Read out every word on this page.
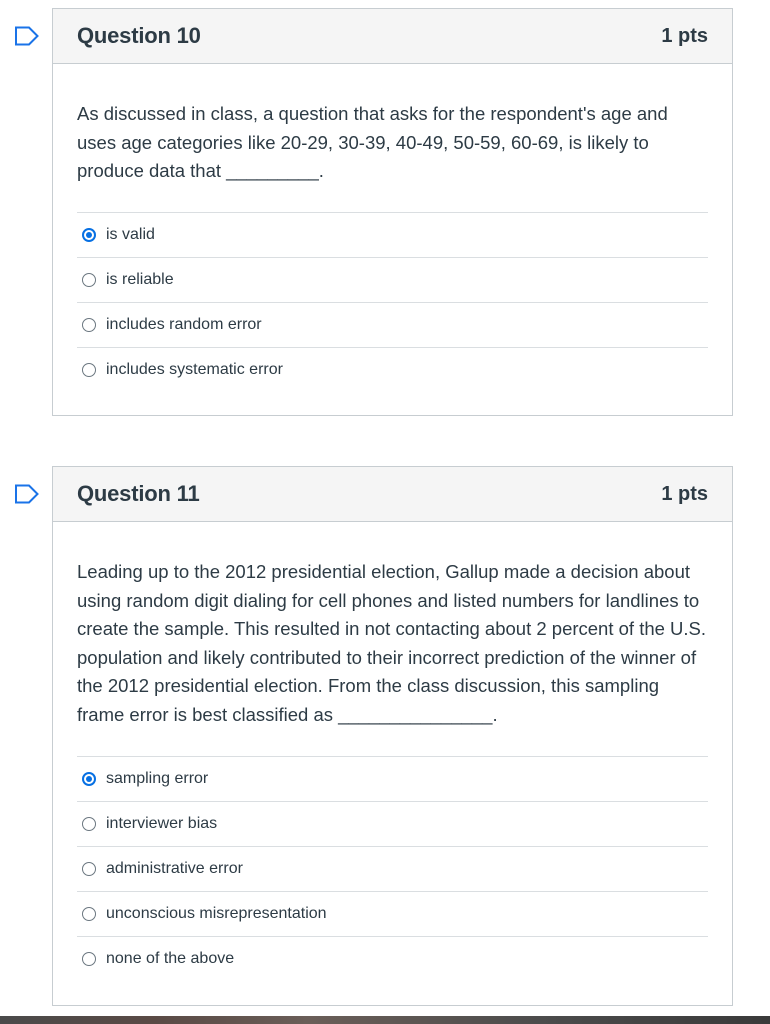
Question 10	1 pts

As discussed in class, a question that asks for the respondent's age and uses age categories like 20-29, 30-39, 40-49, 50-59, 60-69, is likely to produce data that _________.

is valid
is reliable
includes random error
includes systematic error
Question 11	1 pts

Leading up to the 2012 presidential election, Gallup made a decision about using random digit dialing for cell phones and listed numbers for landlines to create the sample. This resulted in not contacting about 2 percent of the U.S. population and likely contributed to their incorrect prediction of the winner of the 2012 presidential election. From the class discussion, this sampling frame error is best classified as _______________.

sampling error
interviewer bias
administrative error
unconscious misrepresentation
none of the above
